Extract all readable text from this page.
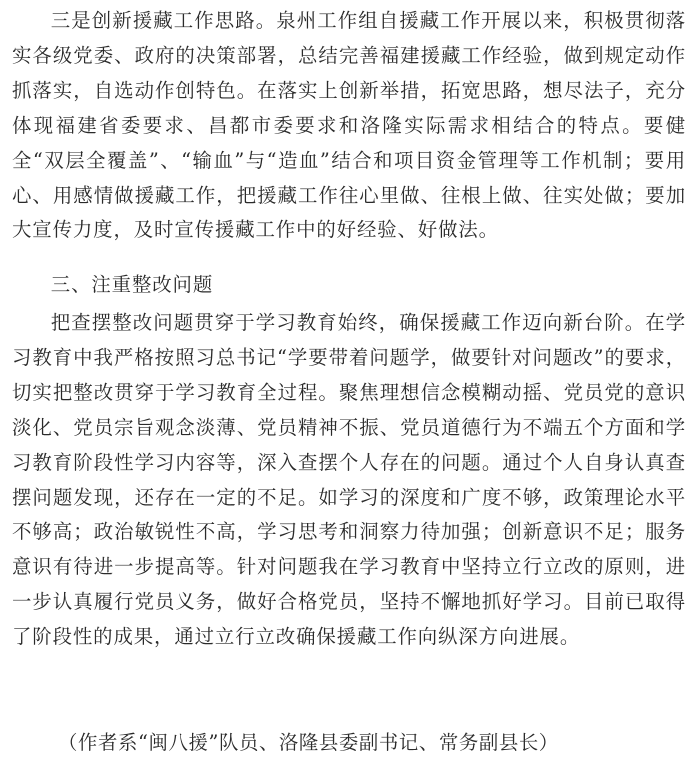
三是创新援藏工作思路。泉州工作组自援藏工作开展以来，积极贯彻落实各级党委、政府的决策部署，总结完善福建援藏工作经验，做到规定动作抓落实，自选动作创特色。在落实上创新举措，拓宽思路，想尽法子，充分体现福建省委要求、昌都市委要求和洛隆实际需求相结合的特点。要健全“双层全覆盖”、“输血”与“造血”结合和项目资金管理等工作机制；要用心、用感情做援藏工作，把援藏工作往心里做、往根上做、往实处做；要加大宣传力度，及时宣传援藏工作中的好经验、好做法。

三、注重整改问题

把查摆整改问题贯穿于学习教育始终，确保援藏工作迈向新台阶。在学习教育中我严格按照习总书记“学要带着问题学，做要针对问题改”的要求，切实把整改贯穿于学习教育全过程。聚焦理想信念模糊动摇、党员党的意识淡化、党员宗旨观念淡薄、党员精神不振、党员道德行为不端五个方面和学习教育阶段性学习内容等，深入查摆个人存在的问题。通过个人自身认真查摆问题发现，还存在一定的不足。如学习的深度和广度不够，政策理论水平不够高；政治敏锐性不高，学习思考和洞察力待加强；创新意识不足；服务意识有待进一步提高等。针对问题我在学习教育中坚持立行立改的原则，进一步认真履行党员义务，做好合格党员，坚持不懈地抓好学习。目前已取得了阶段性的成果，通过立行立改确保援藏工作向纵深方向进展。

（作者系“闽八援”队员、洛隆县委副书记、常务副县长）
